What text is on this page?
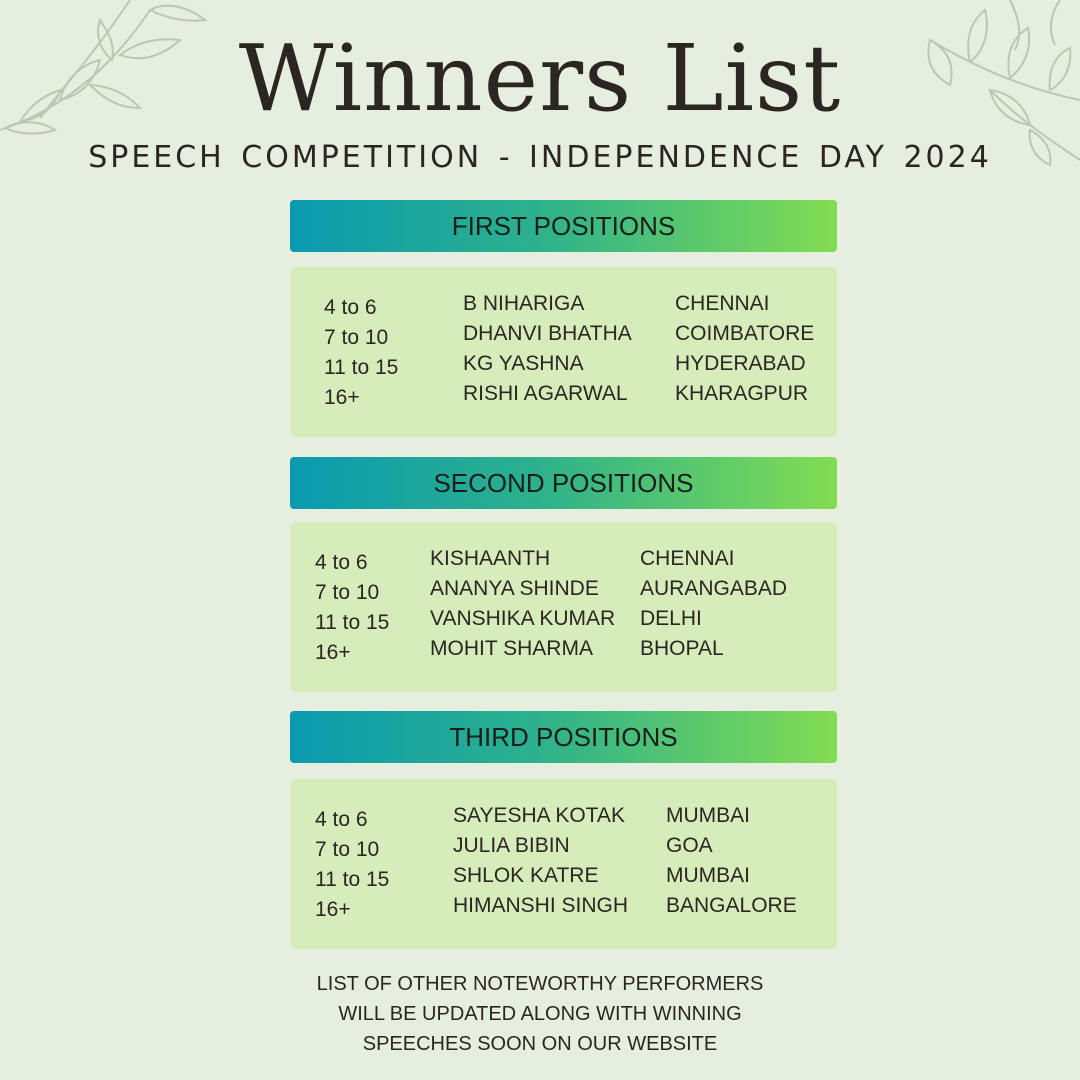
Winners List
SPEECH COMPETITION - INDEPENDENCE DAY 2024
FIRST POSITIONS
4 to 6
7 to 10
11 to 15
16+
B NIHARIGA
DHANVI BHATHA
KG YASHNA
RISHI AGARWAL
CHENNAI
COIMBATORE
HYDERABAD
KHARAGPUR
SECOND POSITIONS
4 to 6
7 to 10
11 to 15
16+
KISHAANTH
ANANYA SHINDE
VANSHIKA KUMAR
MOHIT SHARMA
CHENNAI
AURANGABAD
DELHI
BHOPAL
THIRD POSITIONS
4 to 6
7 to 10
11 to 15
16+
SAYESHA KOTAK
JULIA BIBIN
SHLOK KATRE
HIMANSHI SINGH
MUMBAI
GOA
MUMBAI
BANGALORE
LIST OF OTHER NOTEWORTHY PERFORMERS
WILL BE UPDATED ALONG WITH WINNING
SPEECHES SOON ON OUR WEBSITE
